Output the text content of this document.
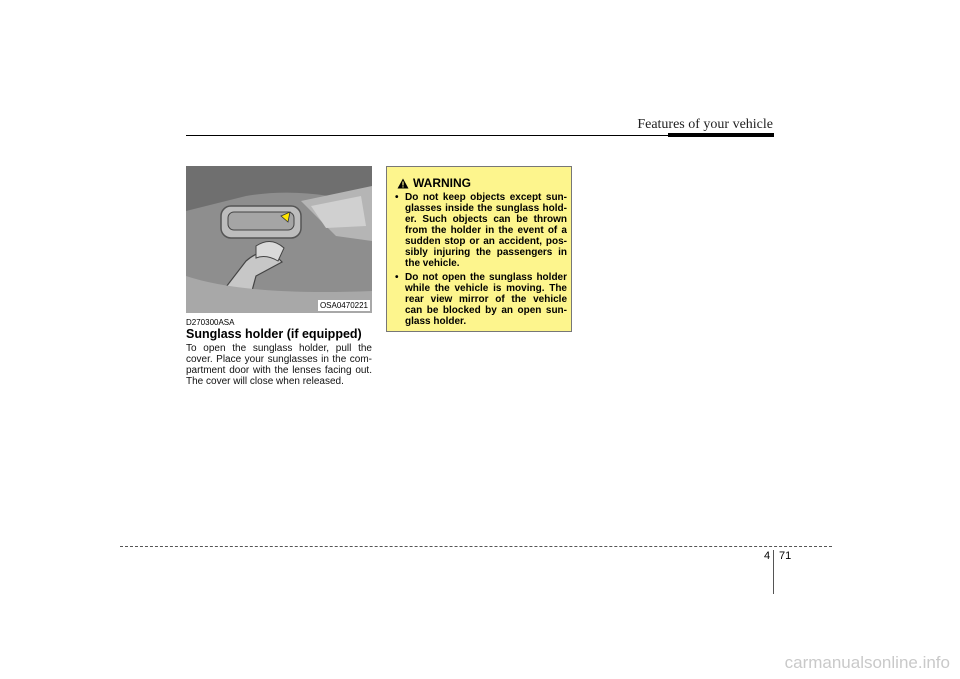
Features of your vehicle
OSA0470221
D270300ASA
Sunglass holder (if equipped)
To open the sunglass holder, pull the cover. Place your sunglasses in the com-partment door with the lenses facing out. The cover will close when released.
WARNING
• Do not keep objects except sun-glasses inside the sunglass hold-er. Such objects can be thrown from the holder in the event of a sudden stop or an accident, pos-sibly injuring the passengers in the vehicle.
• Do not open the sunglass holder while the vehicle is moving. The rear view mirror of the vehicle can be blocked by an open sun-glass holder.
4 71
carmanualsonline.info
